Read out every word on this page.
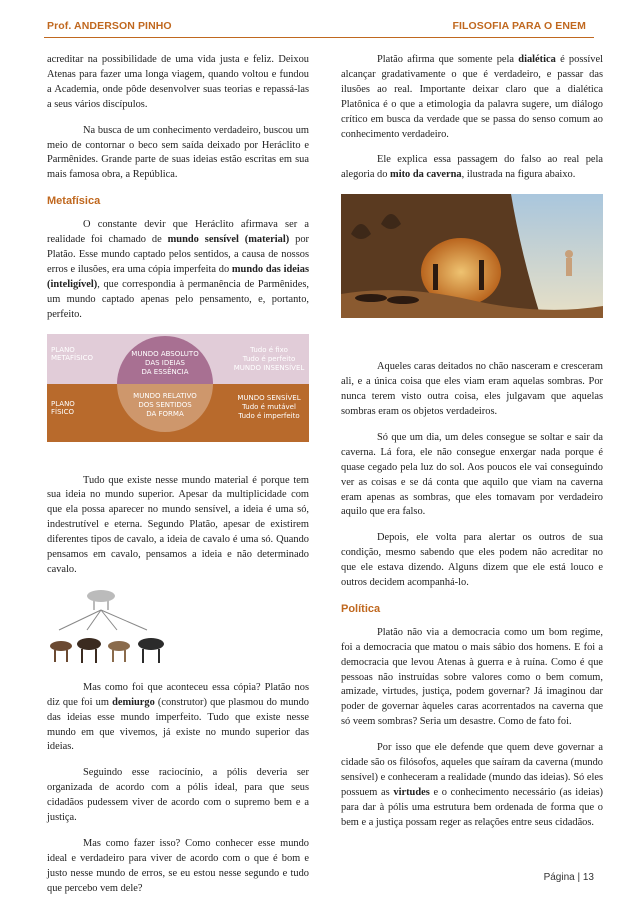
Prof. ANDERSON PINHO	FILOSOFIA PARA O ENEM

acreditar na possibilidade de uma vida justa e feliz. Deixou Atenas para fazer uma longa viagem, quando voltou e fundou a Academia, onde pôde desenvolver suas teorias e repassá-las a seus vários discípulos.

Na busca de um conhecimento verdadeiro, buscou um meio de contornar o beco sem saída deixado por Heráclito e Parmênides. Grande parte de suas ideias estão escritas em sua mais famosa obra, a República.

Metafísica

O constante devir que Heráclito afirmava ser a realidade foi chamado de mundo sensível (material) por Platão. Esse mundo captado pelos sentidos, a causa de nossos erros e ilusões, era uma cópia imperfeita do mundo das ideias (inteligível), que correspondia à permanência de Parmênides, um mundo captado apenas pelo pensamento, e, portanto, perfeito.

PLANO
METAFÍSICO
PLANO
FÍSICO
MUNDO ABSOLUTO
DAS IDEIAS
DA ESSÊNCIA
MUNDO RELATIVO
DOS SENTIDOS
DA FORMA
Tudo é fixo
Tudo é perfeito
MUNDO INSENSÍVEL
MUNDO SENSÍVEL
Tudo é mutável
Tudo é imperfeito

Tudo que existe nesse mundo material é porque tem sua ideia no mundo superior. Apesar da multiplicidade com que ela possa aparecer no mundo sensível, a ideia é uma só, indestrutível e eterna. Segundo Platão, apesar de existirem diferentes tipos de cavalo, a ideia de cavalo é uma só. Quando pensamos em cavalo, pensamos a ideia e não determinado cavalo.

Mas como foi que aconteceu essa cópia? Platão nos diz que foi um demiurgo (construtor) que plasmou do mundo das ideias esse mundo imperfeito. Tudo que existe nesse mundo em que vivemos, já existe no mundo superior das ideias.

Seguindo esse raciocínio, a pólis deveria ser organizada de acordo com a pólis ideal, para que seus cidadãos pudessem viver de acordo com o supremo bem e a justiça.

Mas como fazer isso? Como conhecer esse mundo ideal e verdadeiro para viver de acordo com o que é bom e justo nesse mundo de erros, se eu estou nesse segundo e tudo que percebo vem dele?

Platão afirma que somente pela dialética é possível alcançar gradativamente o que é verdadeiro, e passar das ilusões ao real. Importante deixar claro que a dialética Platônica é o que a etimologia da palavra sugere, um diálogo crítico em busca da verdade que se passa do senso comum ao conhecimento verdadeiro.

Ele explica essa passagem do falso ao real pela alegoria do mito da caverna, ilustrada na figura abaixo.

Aqueles caras deitados no chão nasceram e cresceram ali, e a única coisa que eles viam eram aquelas sombras. Por nunca terem visto outra coisa, eles julgavam que aquelas sombras eram os objetos verdadeiros.

Só que um dia, um deles consegue se soltar e sair da caverna. Lá fora, ele não consegue enxergar nada porque é quase cegado pela luz do sol. Aos poucos ele vai conseguindo ver as coisas e se dá conta que aquilo que viam na caverna eram apenas as sombras, que eles tomavam por verdadeiro aquilo que era falso.

Depois, ele volta para alertar os outros de sua condição, mesmo sabendo que eles podem não acreditar no que ele estava dizendo. Alguns dizem que ele está louco e outros decidem acompanhá-lo.

Política

Platão não via a democracia como um bom regime, foi a democracia que matou o mais sábio dos homens. E foi a democracia que levou Atenas à guerra e à ruína. Como é que pessoas não instruídas sobre valores como o bem comum, amizade, virtudes, justiça, podem governar? Já imaginou dar poder de governar àqueles caras acorrentados na caverna que só veem sombras? Seria um desastre. Como de fato foi.

Por isso que ele defende que quem deve governar a cidade são os filósofos, aqueles que saíram da caverna (mundo sensível) e conheceram a realidade (mundo das ideias). Só eles possuem as virtudes e o conhecimento necessário (as ideias) para dar à pólis uma estrutura bem ordenada de forma que o bem e a justiça possam reger as relações entre seus cidadãos.

Página | 13
